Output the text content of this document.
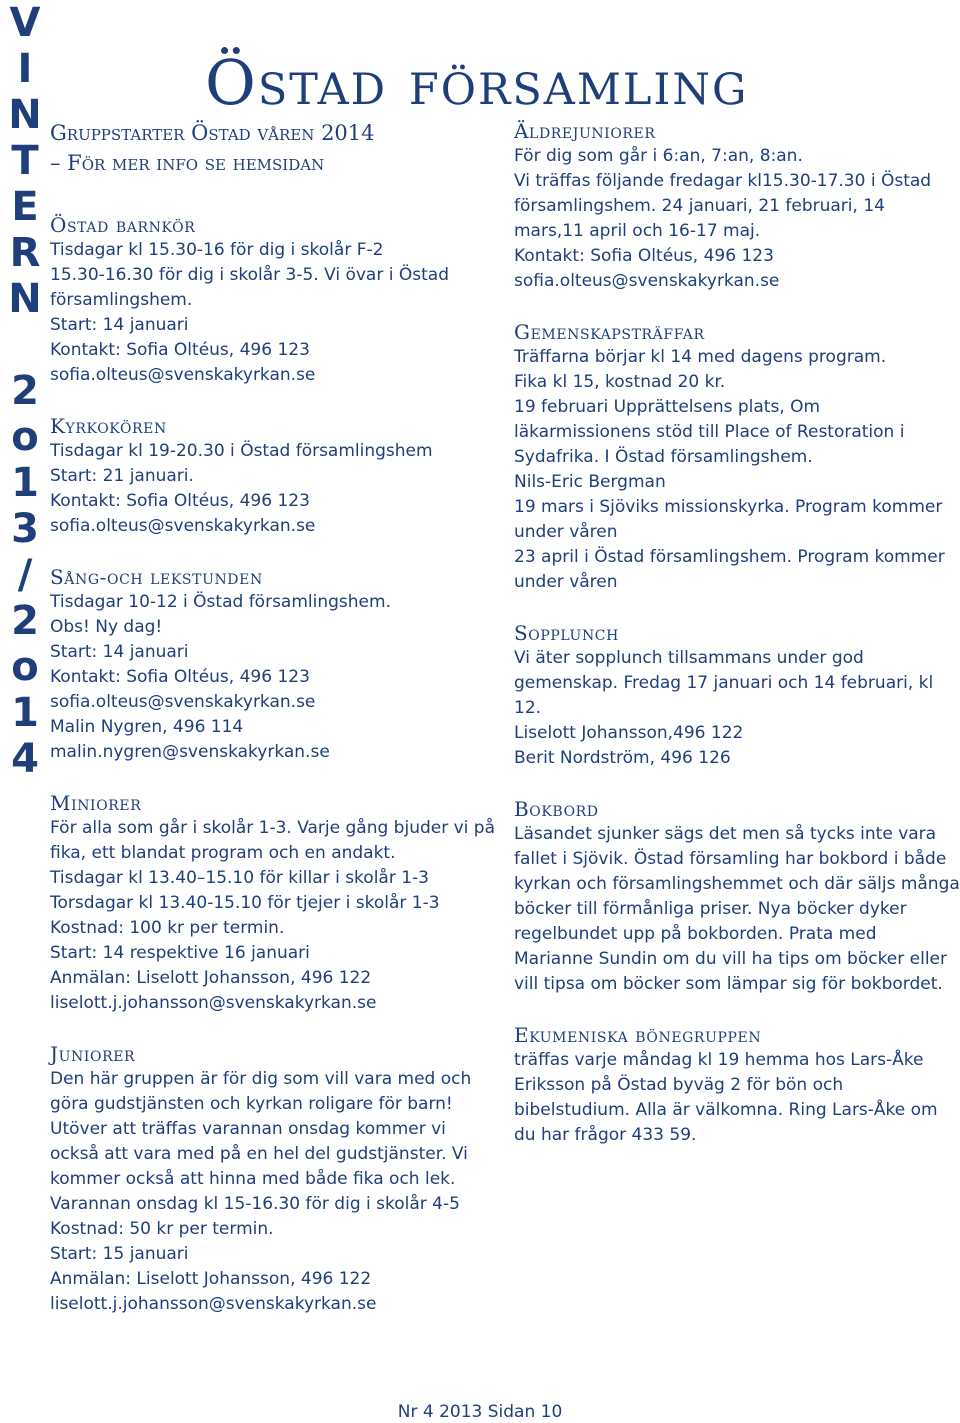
V
I
N
T
E
R
N
2
o
1
3
/
2
o
1
4
Östad församling
Gruppstarter Östad våren 2014
– För mer info se hemsidan
Östad barnkör

Tisdagar kl 15.30-16 för dig i skolår F-2

15.30-16.30 för dig i skolår 3-5. Vi övar i Östad församlingshem.

Start: 14 januari

Kontakt: Sofia Oltéus, 496 123

sofia.olteus@svenskakyrkan.se

Kyrkokören

Tisdagar kl 19-20.30 i Östad församlingshem

Start: 21 januari.

Kontakt: Sofia Oltéus, 496 123

sofia.olteus@svenskakyrkan.se

Sång-och lekstunden

Tisdagar 10-12 i Östad församlingshem.

Obs! Ny dag!

Start: 14 januari

Kontakt: Sofia Oltéus, 496 123

sofia.olteus@svenskakyrkan.se

Malin Nygren, 496 114

malin.nygren@svenskakyrkan.se

Miniorer

För alla som går i skolår 1-3. Varje gång bjuder vi på fika, ett blandat program och en andakt.

Tisdagar kl 13.40–15.10 för killar i skolår 1-3

Torsdagar kl 13.40-15.10 för tjejer i skolår 1-3

Kostnad: 100 kr per termin.

Start: 14 respektive 16 januari

Anmälan: Liselott Johansson, 496 122

liselott.j.johansson@svenskakyrkan.se

Juniorer

Den här gruppen är för dig som vill vara med och göra gudstjänsten och kyrkan roligare för barn! Utöver att träffas varannan onsdag kommer vi också att vara med på en hel del gudstjänster. Vi kommer också att hinna med både fika och lek.

Varannan onsdag kl 15-16.30 för dig i skolår 4-5

Kostnad: 50 kr per termin.

Start: 15 januari

Anmälan: Liselott Johansson, 496 122

liselott.j.johansson@svenskakyrkan.se

Äldrejuniorer

För dig som går i 6:an, 7:an, 8:an.

Vi träffas följande fredagar kl15.30-17.30 i Östad församlingshem. 24 januari, 21 februari, 14 mars,11 april och 16-17 maj.

Kontakt: Sofia Oltéus, 496 123

sofia.olteus@svenskakyrkan.se

Gemenskapsträffar

Träffarna börjar kl 14 med dagens program.

Fika kl 15, kostnad 20 kr.

19 februari Upprättelsens plats, Om läkarmissionens stöd till Place of Restoration i Sydafrika. I Östad församlingshem.

Nils-Eric Bergman

19 mars i Sjöviks missionskyrka. Program kommer under våren

23 april i Östad församlingshem. Program kommer under våren

Sopplunch

Vi äter sopplunch tillsammans under god gemenskap. Fredag 17 januari och 14 februari, kl 12.

Liselott Johansson,496 122

Berit Nordström, 496 126

Bokbord

Läsandet sjunker sägs det men så tycks inte vara fallet i Sjövik. Östad församling har bokbord i både kyrkan och församlingshemmet och där säljs många böcker till förmånliga priser. Nya böcker dyker regelbundet upp på bokborden. Prata med Marianne Sundin om du vill ha tips om böcker eller vill tipsa om böcker som lämpar sig för bokbordet.

Ekumeniska bönegruppen

träffas varje måndag kl 19 hemma hos Lars-Åke Eriksson på Östad byväg 2 för bön och bibelstudium. Alla är välkomna. Ring Lars-Åke om du har frågor 433 59.

Nr 4 2013 Sidan 10
